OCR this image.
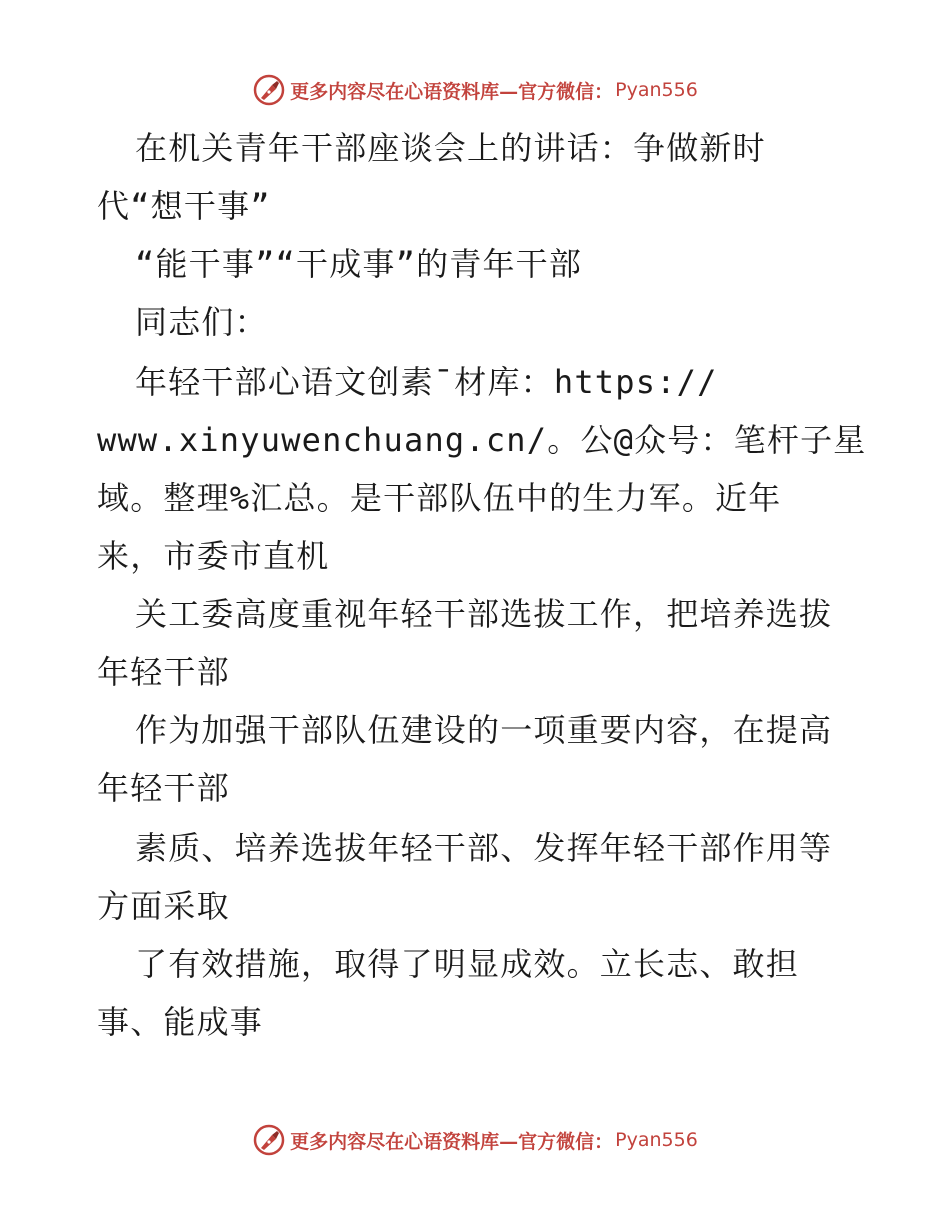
更多内容尽在心语资料库—官方微信： Pyan556
在机关青年干部座谈会上的讲话：争做新时
代“想干事”
“能干事”“干成事”的青年干部
同志们：
年轻干部心语文创素¯材库：https://
www.xinyuwenchuang.cn/。公@众号：笔杆子星
域。整理%汇总。是干部队伍中的生力军。近年
来，市委市直机
关工委高度重视年轻干部选拔工作，把培养选拔
年轻干部
作为加强干部队伍建设的一项重要内容，在提高
年轻干部
素质、培养选拔年轻干部、发挥年轻干部作用等
方面采取
了有效措施，取得了明显成效。立长志、敢担
事、能成事
更多内容尽在心语资料库—官方微信： Pyan556
